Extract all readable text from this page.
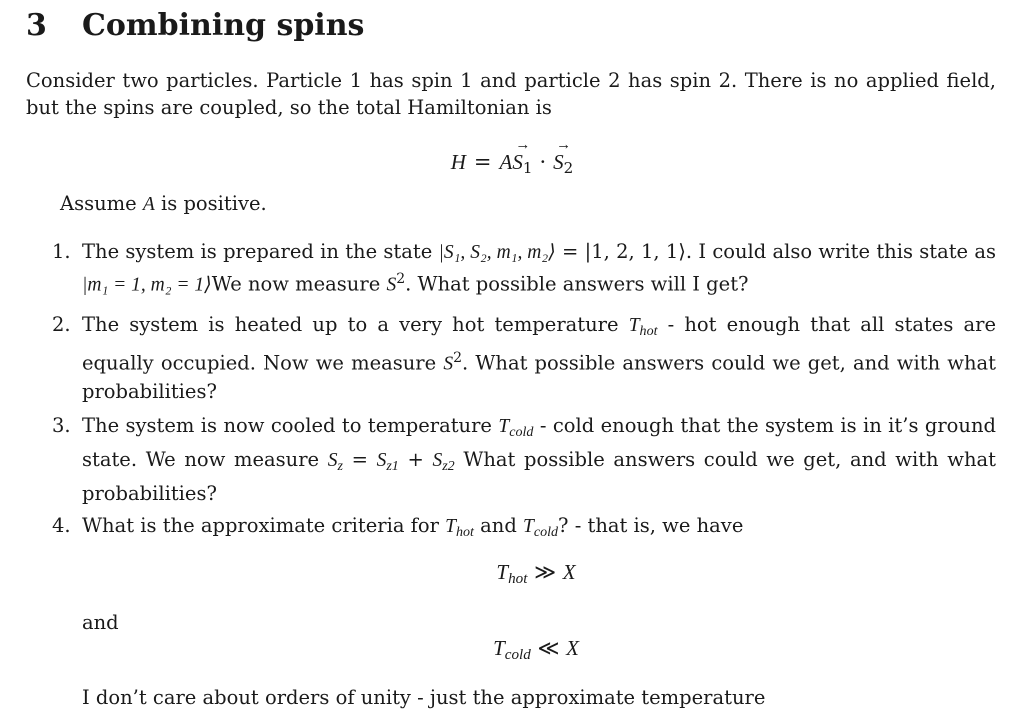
3 Combining spins
Consider two particles. Particle 1 has spin 1 and particle 2 has spin 2. There is no applied field, but the spins are coupled, so the total Hamiltonian is
$H = A\to S_1 \cdot\to S_2$
Assume A is positive.
1. The system is prepared in the state |S₁, S₂, m₁, m₂⟩ = |1, 2, 1, 1⟩. I could also write this state as |m₁ = 1, m₂ = 1⟩We now measure $S^2$. What possible answers will I get?
2. The system is heated up to a very hot temperature $T_{hot}$ - hot enough that all states are equally occupied. Now we measure $S^2$. What possible answers could we get, and with what probabilities?
3. The system is now cooled to temperature $T_{cold}$ - cold enough that the system is in it’s ground state. We now measure $S_z = S_{z1} + S_{z2}$ What possible answers could we get, and with what probabilities?
4. What is the approximate criteria for $T_{hot}$ and $T_{cold}$? - that is, we have
$T_{hot}$ ≫ X
and
$T_{cold}$ ≪ X
I don’t care about orders of unity - just the approximate temperature
